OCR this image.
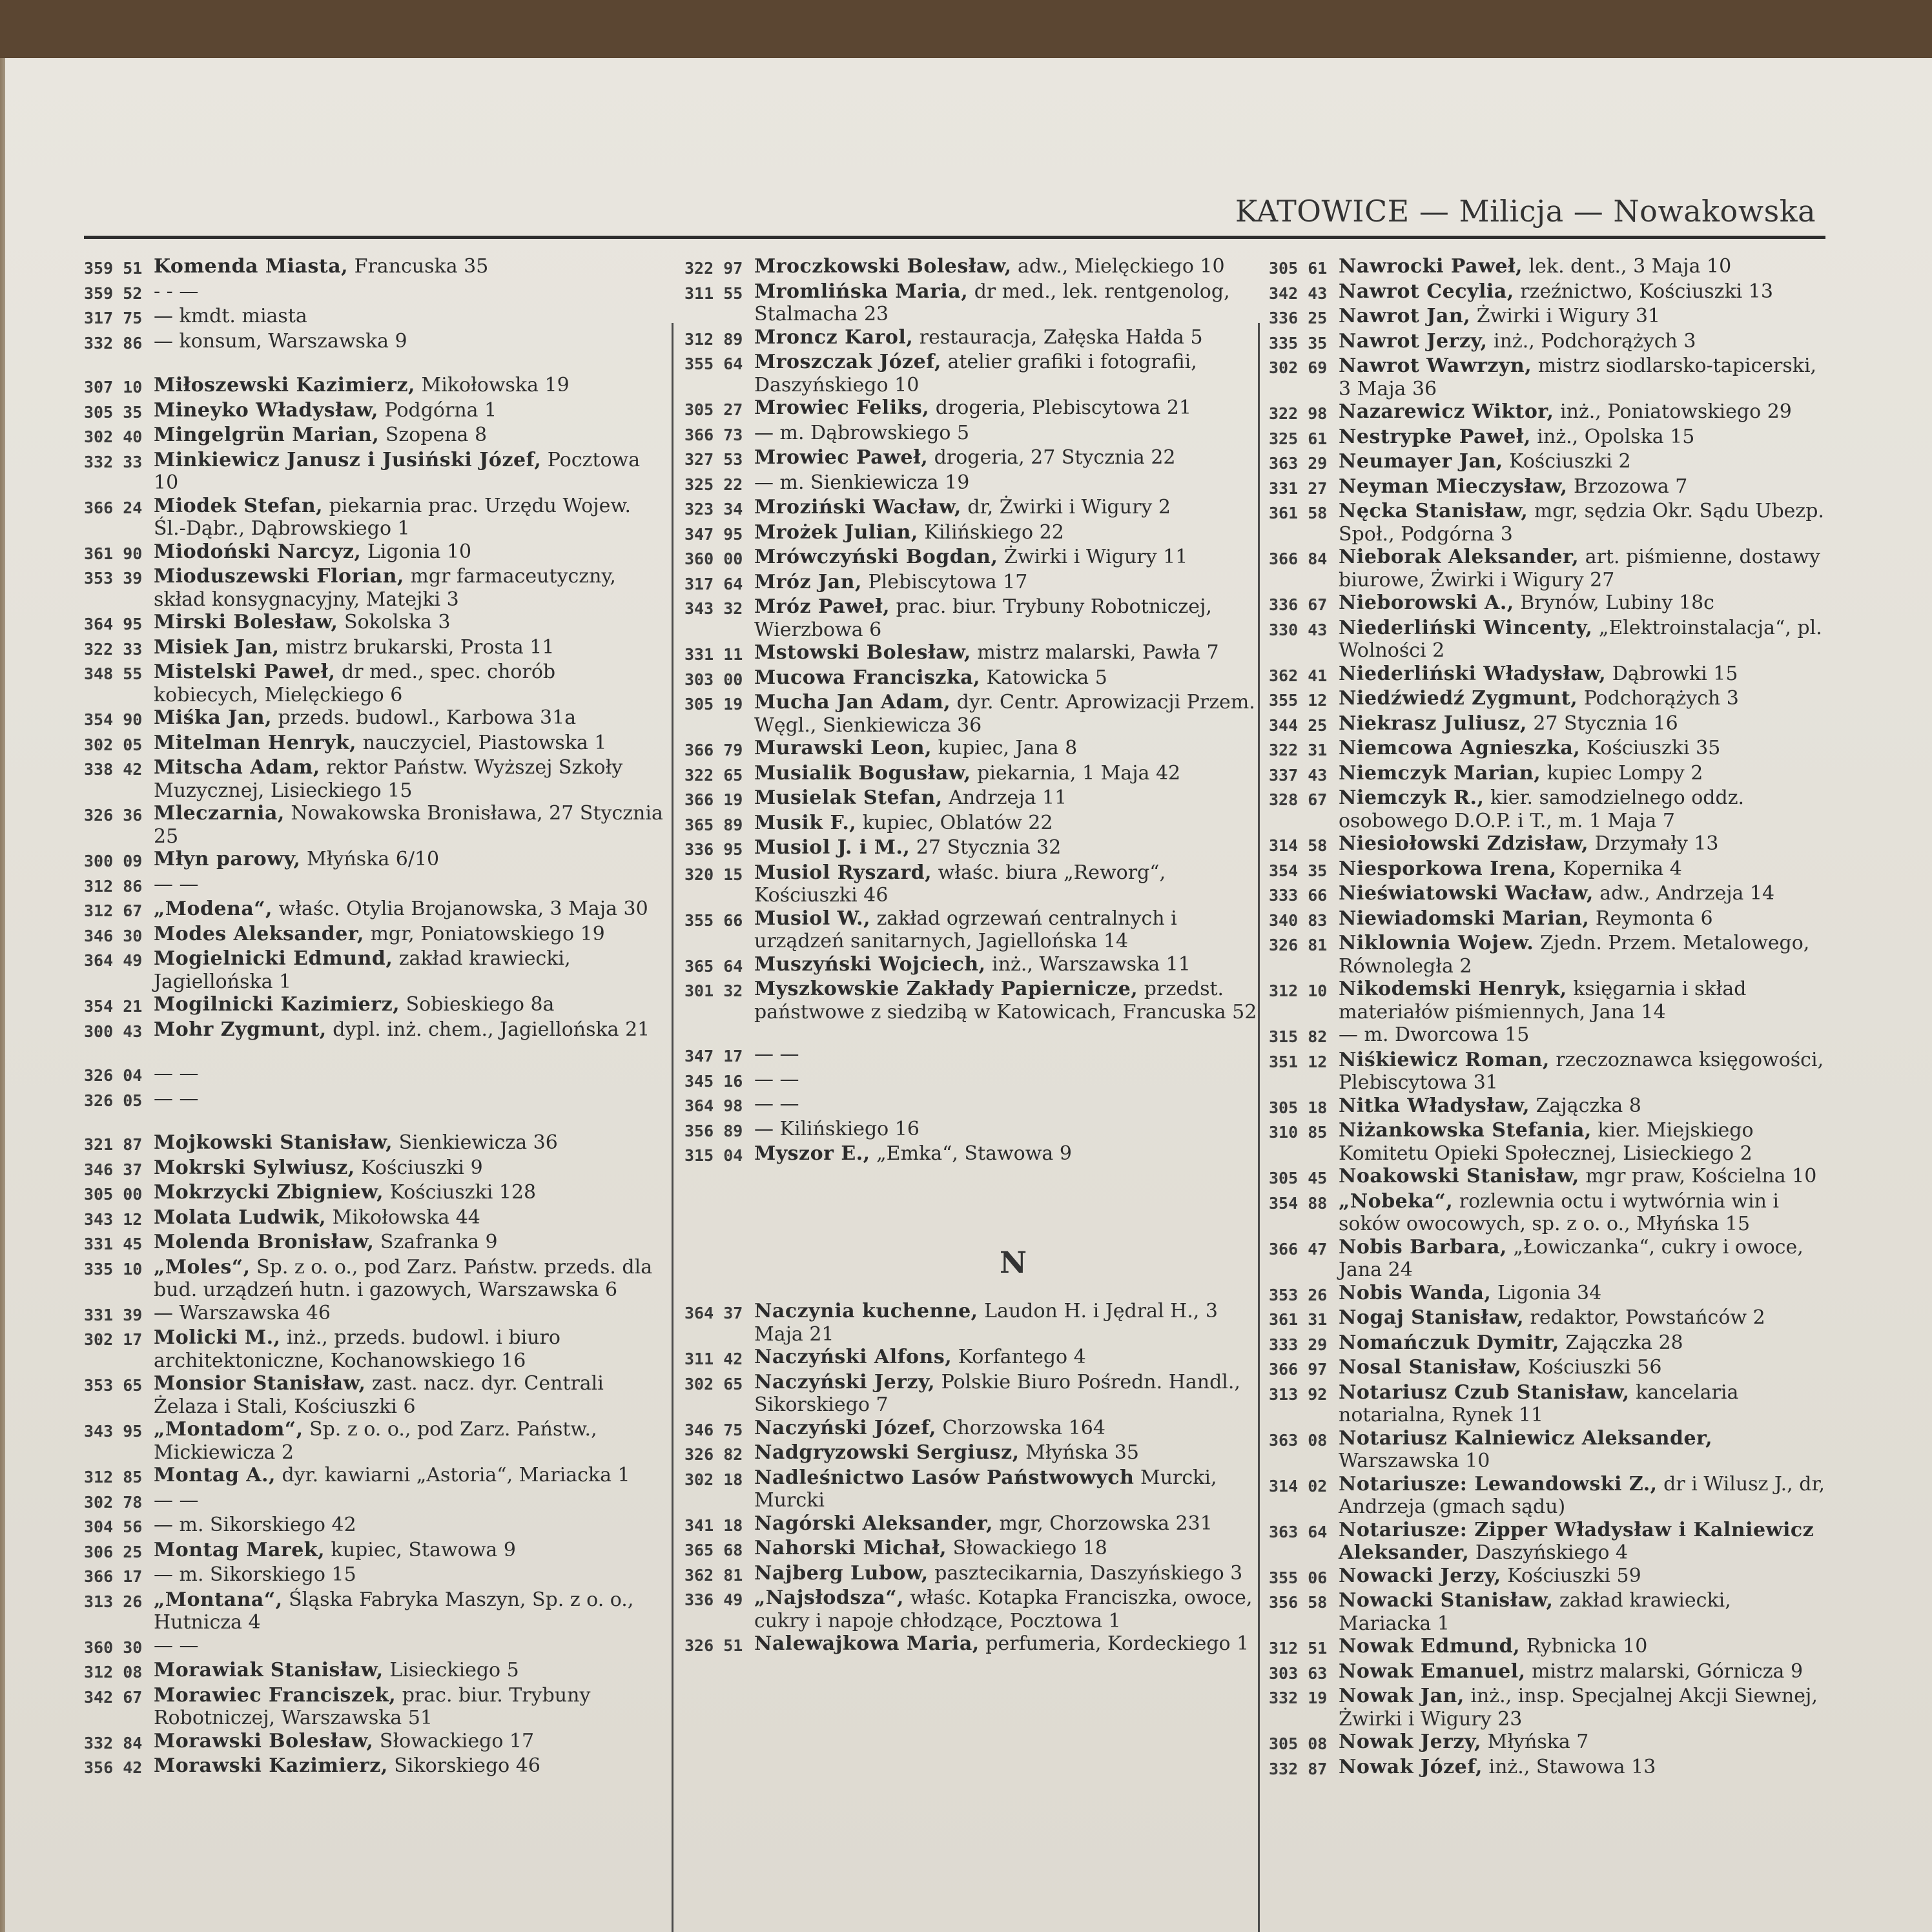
KATOWICE — Milicja — Nowakowska
359 51 Komenda Miasta, Francuska 35
359 52 - - —
317 75 — kmdt. miasta
332 86 — konsum, Warszawska 9
307 10 Miłoszewski Kazimierz, Mikołowska 19
305 35 Mineyko Władysław, Podgórna 1
302 40 Mingelgrün Marian, Szopena 8
332 33 Minkiewicz Janusz i Jusiński Józef, Pocztowa 10
366 24 Miodek Stefan, piekarnia prac. Urzędu Wojew. Śl.-Dąbr., Dąbrowskiego 1
361 90 Miodoński Narcyz, Ligonia 10
353 39 Mioduszewski Florian, mgr farmaceutyczny, skład konsygnacyjny, Matejki 3
364 95 Mirski Bolesław, Sokolska 3
322 33 Misiek Jan, mistrz brukarski, Prosta 11
348 55 Mistelski Paweł, dr med., spec. chorób kobiecych, Mielęckiego 6
354 90 Miśka Jan, przeds. budowl., Karbowa 31a
302 05 Mitelman Henryk, nauczyciel, Piastowska 1
338 42 Mitscha Adam, rektor Państw. Wyższej Szkoły Muzycznej, Lisieckiego 15
326 36 Mleczarnia, Nowakowska Bronisława, 27 Stycznia 25
300 09 Młyn parowy, Młyńska 6/10
312 86 — —
312 67 „Modena“, właśc. Otylia Brojanowska, 3 Maja 30
346 30 Modes Aleksander, mgr, Poniatowskiego 19
364 49 Mogielnicki Edmund, zakład krawiecki, Jagiellońska 1
354 21 Mogilnicki Kazimierz, Sobieskiego 8a
300 43 Mohr Zygmunt, dypl. inż. chem., Jagiellońska 21
326 04 — —
326 05 — —
321 87 Mojkowski Stanisław, Sienkiewicza 36
346 37 Mokrski Sylwiusz, Kościuszki 9
305 00 Mokrzycki Zbigniew, Kościuszki 128
343 12 Molata Ludwik, Mikołowska 44
331 45 Molenda Bronisław, Szafranka 9
335 10 „Moles“, Sp. z o. o., pod Zarz. Państw. przeds. dla bud. urządzeń hutn. i gazowych, Warszawska 6
331 39 — Warszawska 46
302 17 Molicki M., inż., przeds. budowl. i biuro architektoniczne, Kochanowskiego 16
353 65 Monsior Stanisław, zast. nacz. dyr. Centrali Żelaza i Stali, Kościuszki 6
343 95 „Montadom“, Sp. z o. o., pod Zarz. Państw., Mickiewicza 2
312 85 Montag A., dyr. kawiarni „Astoria“, Mariacka 1
302 78 — —
304 56 — m. Sikorskiego 42
306 25 Montag Marek, kupiec, Stawowa 9
366 17 — m. Sikorskiego 15
313 26 „Montana“, Śląska Fabryka Maszyn, Sp. z o. o., Hutnicza 4
360 30 — —
312 08 Morawiak Stanisław, Lisieckiego 5
342 67 Morawiec Franciszek, prac. biur. Trybuny Robotniczej, Warszawska 51
332 84 Morawski Bolesław, Słowackiego 17
356 42 Morawski Kazimierz, Sikorskiego 46
322 97 Mroczkowski Bolesław, adw., Mielęckiego 10
311 55 Mromlińska Maria, dr med., lek. rentgenolog, Stalmacha 23
312 89 Mroncz Karol, restauracja, Załęska Hałda 5
355 64 Mroszczak Józef, atelier grafiki i fotografii, Daszyńskiego 10
305 27 Mrowiec Feliks, drogeria, Plebiscytowa 21
366 73 — m. Dąbrowskiego 5
327 53 Mrowiec Paweł, drogeria, 27 Stycznia 22
325 22 — m. Sienkiewicza 19
323 34 Mroziński Wacław, dr, Żwirki i Wigury 2
347 95 Mrożek Julian, Kilińskiego 22
360 00 Mrówczyński Bogdan, Żwirki i Wigury 11
317 64 Mróz Jan, Plebiscytowa 17
343 32 Mróz Paweł, prac. biur. Trybuny Robotniczej, Wierzbowa 6
331 11 Mstowski Bolesław, mistrz malarski, Pawła 7
303 00 Mucowa Franciszka, Katowicka 5
305 19 Mucha Jan Adam, dyr. Centr. Aprowizacji Przem. Węgl., Sienkiewicza 36
366 79 Murawski Leon, kupiec, Jana 8
322 65 Musialik Bogusław, piekarnia, 1 Maja 42
366 19 Musielak Stefan, Andrzeja 11
365 89 Musik F., kupiec, Oblatów 22
336 95 Musiol J. i M., 27 Stycznia 32
320 15 Musiol Ryszard, właśc. biura „Reworg“, Kościuszki 46
355 66 Musiol W., zakład ogrzewań centralnych i urządzeń sanitarnych, Jagiellońska 14
365 64 Muszyński Wojciech, inż., Warszawska 11
301 32 Myszkowskie Zakłady Papiernicze, przedst. państwowe z siedzibą w Katowicach, Francuska 52
347 17 — —
345 16 — —
364 98 — —
356 89 — Kilińskiego 16
315 04 Myszor E., „Emka“, Stawowa 9
N
364 37 Naczynia kuchenne, Laudon H. i Jędral H., 3 Maja 21
311 42 Naczyński Alfons, Korfantego 4
302 65 Naczyński Jerzy, Polskie Biuro Pośredn. Handl., Sikorskiego 7
346 75 Naczyński Józef, Chorzowska 164
326 82 Nadgryzowski Sergiusz, Młyńska 35
302 18 Nadleśnictwo Lasów Państwowych Murcki, Murcki
341 18 Nagórski Aleksander, mgr, Chorzowska 231
365 68 Nahorski Michał, Słowackiego 18
362 81 Najberg Lubow, pasztecikarnia, Daszyńskiego 3
336 49 „Najsłodsza“, właśc. Kotapka Franciszka, owoce, cukry i napoje chłodzące, Pocztowa 1
326 51 Nalewajkowa Maria, perfumeria, Kordeckiego 1
305 61 Nawrocki Paweł, lek. dent., 3 Maja 10
342 43 Nawrot Cecylia, rzeźnictwo, Kościuszki 13
336 25 Nawrot Jan, Żwirki i Wigury 31
335 35 Nawrot Jerzy, inż., Podchorążych 3
302 69 Nawrot Wawrzyn, mistrz siodlarsko-tapicerski, 3 Maja 36
322 98 Nazarewicz Wiktor, inż., Poniatowskiego 29
325 61 Nestrypke Paweł, inż., Opolska 15
363 29 Neumayer Jan, Kościuszki 2
331 27 Neyman Mieczysław, Brzozowa 7
361 58 Nęcka Stanisław, mgr, sędzia Okr. Sądu Ubezp. Społ., Podgórna 3
366 84 Nieborak Aleksander, art. piśmienne, dostawy biurowe, Żwirki i Wigury 27
336 67 Nieborowski A., Brynów, Lubiny 18c
330 43 Niederliński Wincenty, „Elektroinstalacja“, pl. Wolności 2
362 41 Niederliński Władysław, Dąbrowki 15
355 12 Niedźwiedź Zygmunt, Podchorążych 3
344 25 Niekrasz Juliusz, 27 Stycznia 16
322 31 Niemcowa Agnieszka, Kościuszki 35
337 43 Niemczyk Marian, kupiec Lompy 2
328 67 Niemczyk R., kier. samodzielnego oddz. osobowego D.O.P. i T., m. 1 Maja 7
314 58 Niesiołowski Zdzisław, Drzymały 13
354 35 Niesporkowa Irena, Kopernika 4
333 66 Nieświatowski Wacław, adw., Andrzeja 14
340 83 Niewiadomski Marian, Reymonta 6
326 81 Niklownia Wojew. Zjedn. Przem. Metalowego, Równoległa 2
312 10 Nikodemski Henryk, księgarnia i skład materiałów piśmiennych, Jana 14
315 82 — m. Dworcowa 15
351 12 Niśkiewicz Roman, rzeczoznawca księgowości, Plebiscytowa 31
305 18 Nitka Władysław, Zajączka 8
310 85 Niżankowska Stefania, kier. Miejskiego Komitetu Opieki Społecznej, Lisieckiego 2
305 45 Noakowski Stanisław, mgr praw, Kościelna 10
354 88 „Nobeka“, rozlewnia octu i wytwórnia win i soków owocowych, sp. z o. o., Młyńska 15
366 47 Nobis Barbara, „Łowiczanka“, cukry i owoce, Jana 24
353 26 Nobis Wanda, Ligonia 34
361 31 Nogaj Stanisław, redaktor, Powstańców 2
333 29 Nomańczuk Dymitr, Zajączka 28
366 97 Nosal Stanisław, Kościuszki 56
313 92 Notariusz Czub Stanisław, kancelaria notarialna, Rynek 11
363 08 Notariusz Kalniewicz Aleksander, Warszawska 10
314 02 Notariusze: Lewandowski Z., dr i Wilusz J., dr, Andrzeja (gmach sądu)
363 64 Notariusze: Zipper Władysław i Kalniewicz Aleksander, Daszyńskiego 4
355 06 Nowacki Jerzy, Kościuszki 59
356 58 Nowacki Stanisław, zakład krawiecki, Mariacka 1
312 51 Nowak Edmund, Rybnicka 10
303 63 Nowak Emanuel, mistrz malarski, Górnicza 9
332 19 Nowak Jan, inż., insp. Specjalnej Akcji Siewnej, Żwirki i Wigury 23
305 08 Nowak Jerzy, Młyńska 7
332 87 Nowak Józef, inż., Stawowa 13
